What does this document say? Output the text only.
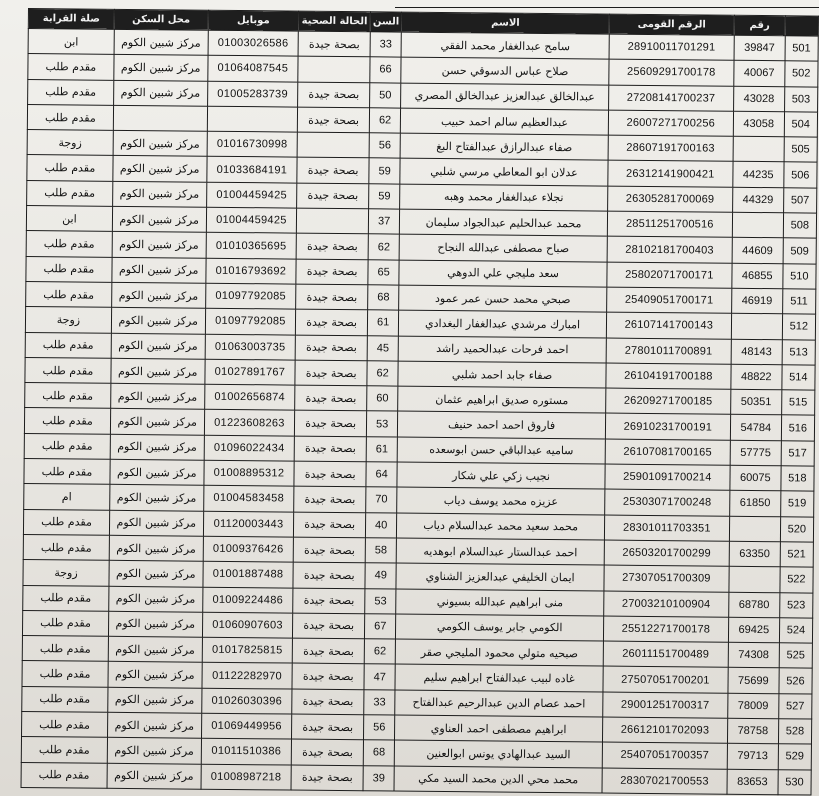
	رقم	الرقم القومى	الاسم	السن	الحالة الصحية	موبايل	محل السكن	صلة القرابة
501	39847	28910011701291	سامح عبدالغفار محمد الفقي	33	بصحة جيدة	01003026586	مركز شبين الكوم	ابن
502	40067	25609291700178	صلاح عباس الدسوقي حسن	66		01064087545	مركز شبين الكوم	مقدم طلب
503	43028	27208141700237	عبدالخالق عبدالعزيز عبدالخالق المصري	50	بصحة جيدة	01005283739	مركز شبين الكوم	مقدم طلب
504	43058	26007271700256	عبدالعظيم سالم احمد حبيب	62	بصحة جيدة			مقدم طلب
505		28607191700163	صفاء عبدالرازق عبدالفتاح البغ	56		01016730998	مركز شبين الكوم	زوجة
506	44235	26312141900421	عدلان ابو المعاطي مرسي شلبي	59	بصحة جيدة	01033684191	مركز شبين الكوم	مقدم طلب
507	44329	26305281700069	نجلاء عبدالغفار محمد وهبه	59	بصحة جيدة	01004459425	مركز شبين الكوم	مقدم طلب
508		28511251700516	محمد عبدالحليم عبدالجواد سليمان	37		01004459425	مركز شبين الكوم	ابن
509	44609	28102181700403	صباح مصطفى عبدالله النجاح	62	بصحة جيدة	01010365695	مركز شبين الكوم	مقدم طلب
510	46855	25802071700171	سعد مليجي علي الدوهي	65	بصحة جيدة	01016793692	مركز شبين الكوم	مقدم طلب
511	46919	25409051700171	صبحي محمد حسن عمر عمود	68	بصحة جيدة	01097792085	مركز شبين الكوم	مقدم طلب
512		26107141700143	امبارك مرشدي عبدالغفار البغدادي	61	بصحة جيدة	01097792085	مركز شبين الكوم	زوجة
513	48143	27801011700891	احمد فرحات عبدالحميد راشد	45	بصحة جيدة	01063003735	مركز شبين الكوم	مقدم طلب
514	48822	26104191700188	صفاء جابد احمد شلبي	62	بصحة جيدة	01027891767	مركز شبين الكوم	مقدم طلب
515	50351	26209271700185	مستوره صديق ابراهيم عثمان	60	بصحة جيدة	01002656874	مركز شبين الكوم	مقدم طلب
516	54784	26910231700191	فاروق احمد احمد حنيف	53	بصحة جيدة	01223608263	مركز شبين الكوم	مقدم طلب
517	57775	26107081700165	ساميه عبدالباقي حسن ابوسعده	61	بصحة جيدة	01096022434	مركز شبين الكوم	مقدم طلب
518	60075	25901091700214	نجيب زكي علي شكار	64	بصحة جيدة	01008895312	مركز شبين الكوم	مقدم طلب
519	61850	25303071700248	عزيزه محمد يوسف دياب	70	بصحة جيدة	01004583458	مركز شبين الكوم	ام
520		28301011703351	محمد سعيد محمد عبدالسلام دياب	40	بصحة جيدة	01120003443	مركز شبين الكوم	مقدم طلب
521	63350	26503201700299	احمد عبدالستار عبدالسلام ابوهديه	58	بصحة جيدة	01009376426	مركز شبين الكوم	مقدم طلب
522		27307051700309	ايمان الخليفي عبدالعزيز الشناوي	49	بصحة جيدة	01001887488	مركز شبين الكوم	زوجة
523	68780	27003210100904	منى ابراهيم عبدالله بسيوني	53	بصحة جيدة	01009224486	مركز شبين الكوم	مقدم طلب
524	69425	25512271700178	الكومي جابر يوسف الكومي	67	بصحة جيدة	01060907603	مركز شبين الكوم	مقدم طلب
525	74308	26011151700489	صبحيه متولي محمود المليجي صقر	62	بصحة جيدة	01017825815	مركز شبين الكوم	مقدم طلب
526	75699	27507051700201	غاده لبيب عبدالفتاح ابراهيم سليم	47	بصحة جيدة	01122282970	مركز شبين الكوم	مقدم طلب
527	78009	29001251700317	احمد عصام الدين عبدالرحيم عبدالفتاح	33	بصحة جيدة	01026030396	مركز شبين الكوم	مقدم طلب
528	78758	26612101702093	ابراهيم مصطفى احمد العناوي	56	بصحة جيدة	01069449956	مركز شبين الكوم	مقدم طلب
529	79713	25407051700357	السيد عبدالهادي يونس ابوالعنين	68	بصحة جيدة	01011510386	مركز شبين الكوم	مقدم طلب
530	83653	28307021700553	محمد محي الدين محمد السيد مكي	39	بصحة جيدة	01008987218	مركز شبين الكوم	مقدم طلب
